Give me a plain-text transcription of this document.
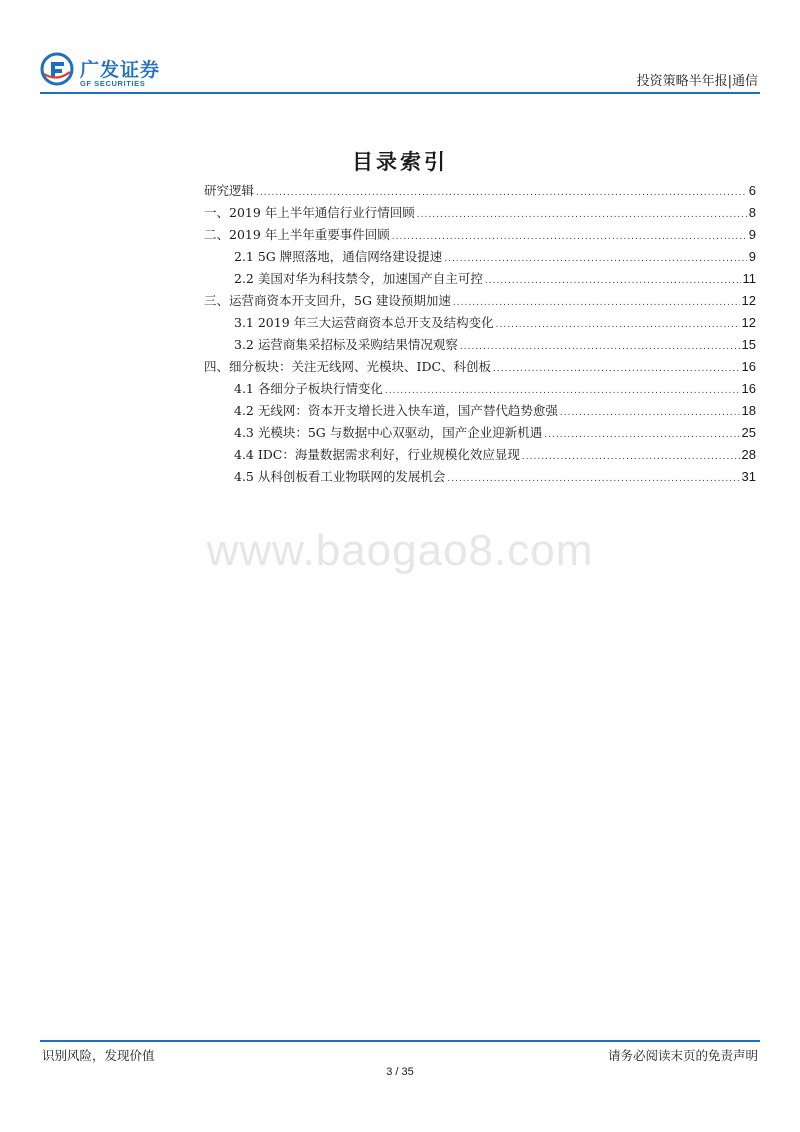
广发证券
GF SECURITIES	投资策略半年报|通信
目录索引
研究逻辑 .....	6
一、2019 年上半年通信行业行情回顾 .....	8
二、2019 年上半年重要事件回顾 .....	9
2.1 5G 牌照落地，通信网络建设提速 .....	9
2.2 美国对华为科技禁令，加速国产自主可控 .....	11
三、运营商资本开支回升，5G 建设预期加速 .....	12
3.1 2019 年三大运营商资本总开支及结构变化 .....	12
3.2 运营商集采招标及采购结果情况观察 .....	15
四、细分板块：关注无线网、光模块、IDC、科创板 .....	16
4.1 各细分子板块行情变化 .....	16
4.2 无线网：资本开支增长进入快车道，国产替代趋势愈强 .....	18
4.3 光模块：5G 与数据中心双驱动，国产企业迎新机遇 .....	25
4.4 IDC：海量数据需求利好，行业规模化效应显现 .....	28
4.5 从科创板看工业物联网的发展机会 .....	31
www.baogao8.com
识别风险，发现价值	请务必阅读末页的免责声明
3 / 35
